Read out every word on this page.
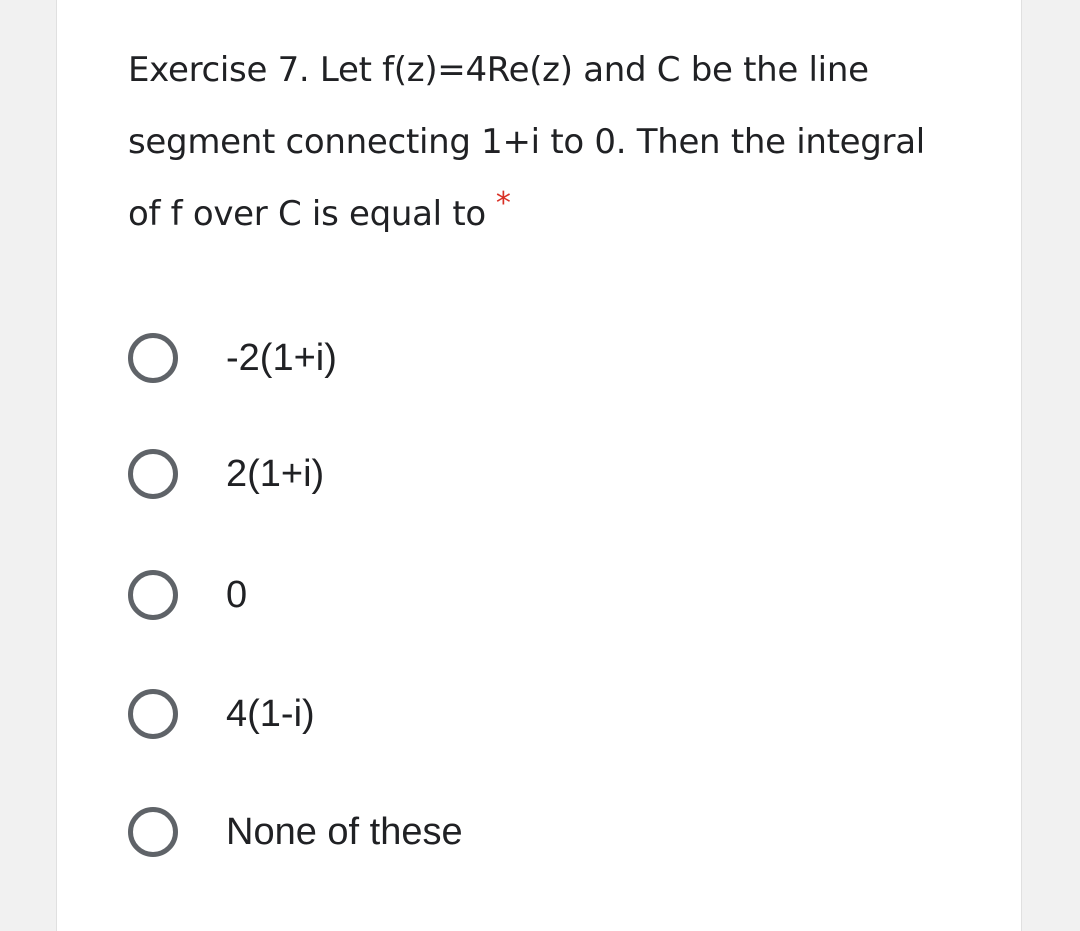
Exercise 7. Let f(z)=4Re(z) and C be the line segment connecting 1+i to 0. Then the integral of f over C is equal to *
-2(1+i)
2(1+i)
0
4(1-i)
None of these
